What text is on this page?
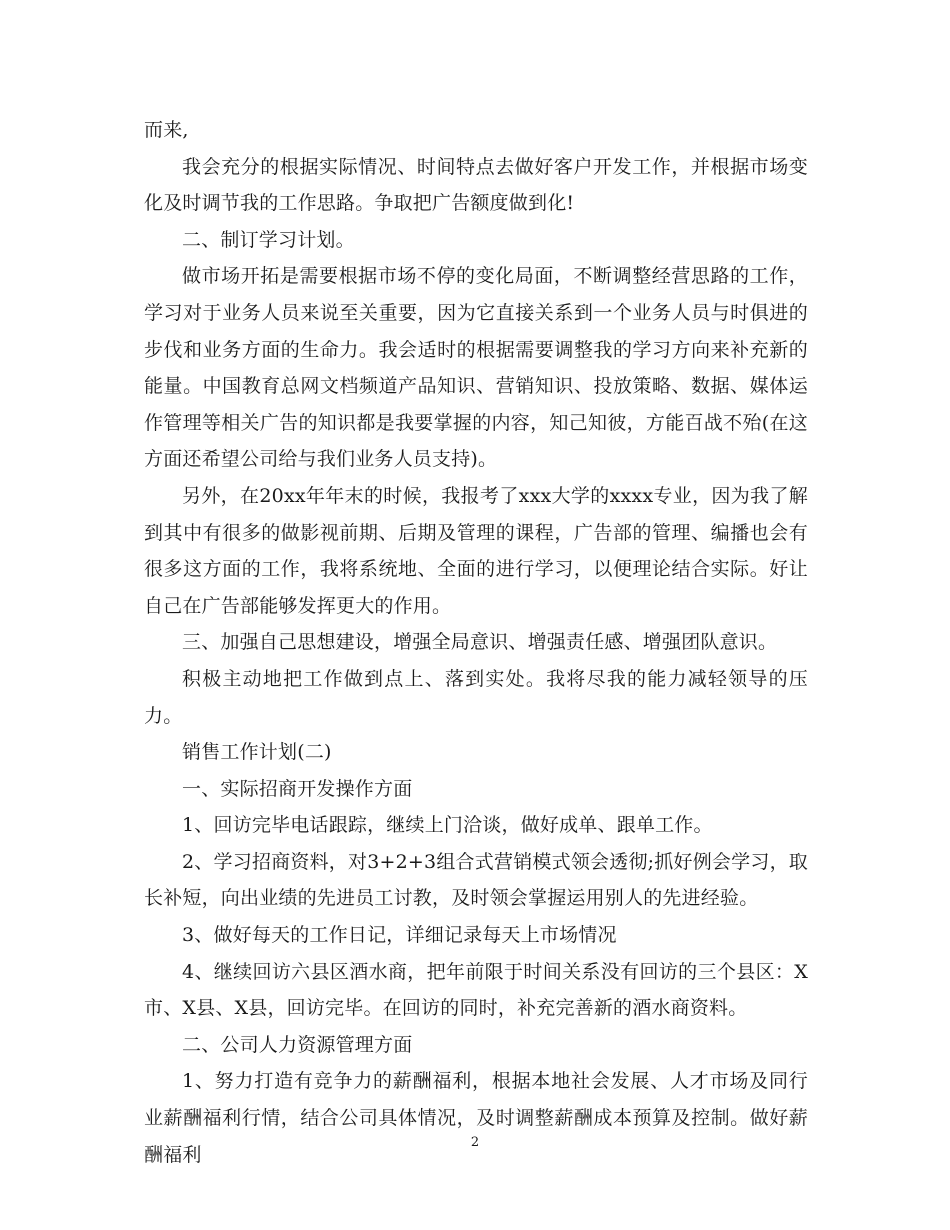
而来,

我会充分的根据实际情况、时间特点去做好客户开发工作，并根据市场变化及时调节我的工作思路。争取把广告额度做到化!

二、制订学习计划。

做市场开拓是需要根据市场不停的变化局面，不断调整经营思路的工作，学习对于业务人员来说至关重要，因为它直接关系到一个业务人员与时俱进的步伐和业务方面的生命力。我会适时的根据需要调整我的学习方向来补充新的能量。中国教育总网文档频道产品知识、营销知识、投放策略、数据、媒体运作管理等相关广告的知识都是我要掌握的内容，知己知彼，方能百战不殆(在这方面还希望公司给与我们业务人员支持)。

另外，在20xx年年末的时候，我报考了xxx大学的xxxx专业，因为我了解到其中有很多的做影视前期、后期及管理的课程，广告部的管理、编播也会有很多这方面的工作，我将系统地、全面的进行学习，以便理论结合实际。好让自己在广告部能够发挥更大的作用。

三、加强自己思想建设，增强全局意识、增强责任感、增强团队意识。

积极主动地把工作做到点上、落到实处。我将尽我的能力减轻领导的压力。

销售工作计划(二)

一、实际招商开发操作方面

1、回访完毕电话跟踪，继续上门洽谈，做好成单、跟单工作。

2、学习招商资料，对3+2+3组合式营销模式领会透彻;抓好例会学习，取长补短，向出业绩的先进员工讨教，及时领会掌握运用别人的先进经验。

3、做好每天的工作日记，详细记录每天上市场情况

4、继续回访六县区酒水商，把年前限于时间关系没有回访的三个县区：X市、X县、X县，回访完毕。在回访的同时，补充完善新的酒水商资料。

二、公司人力资源管理方面

1、努力打造有竞争力的薪酬福利，根据本地社会发展、人才市场及同行业薪酬福利行情，结合公司具体情况，及时调整薪酬成本预算及控制。做好薪酬福利

2
